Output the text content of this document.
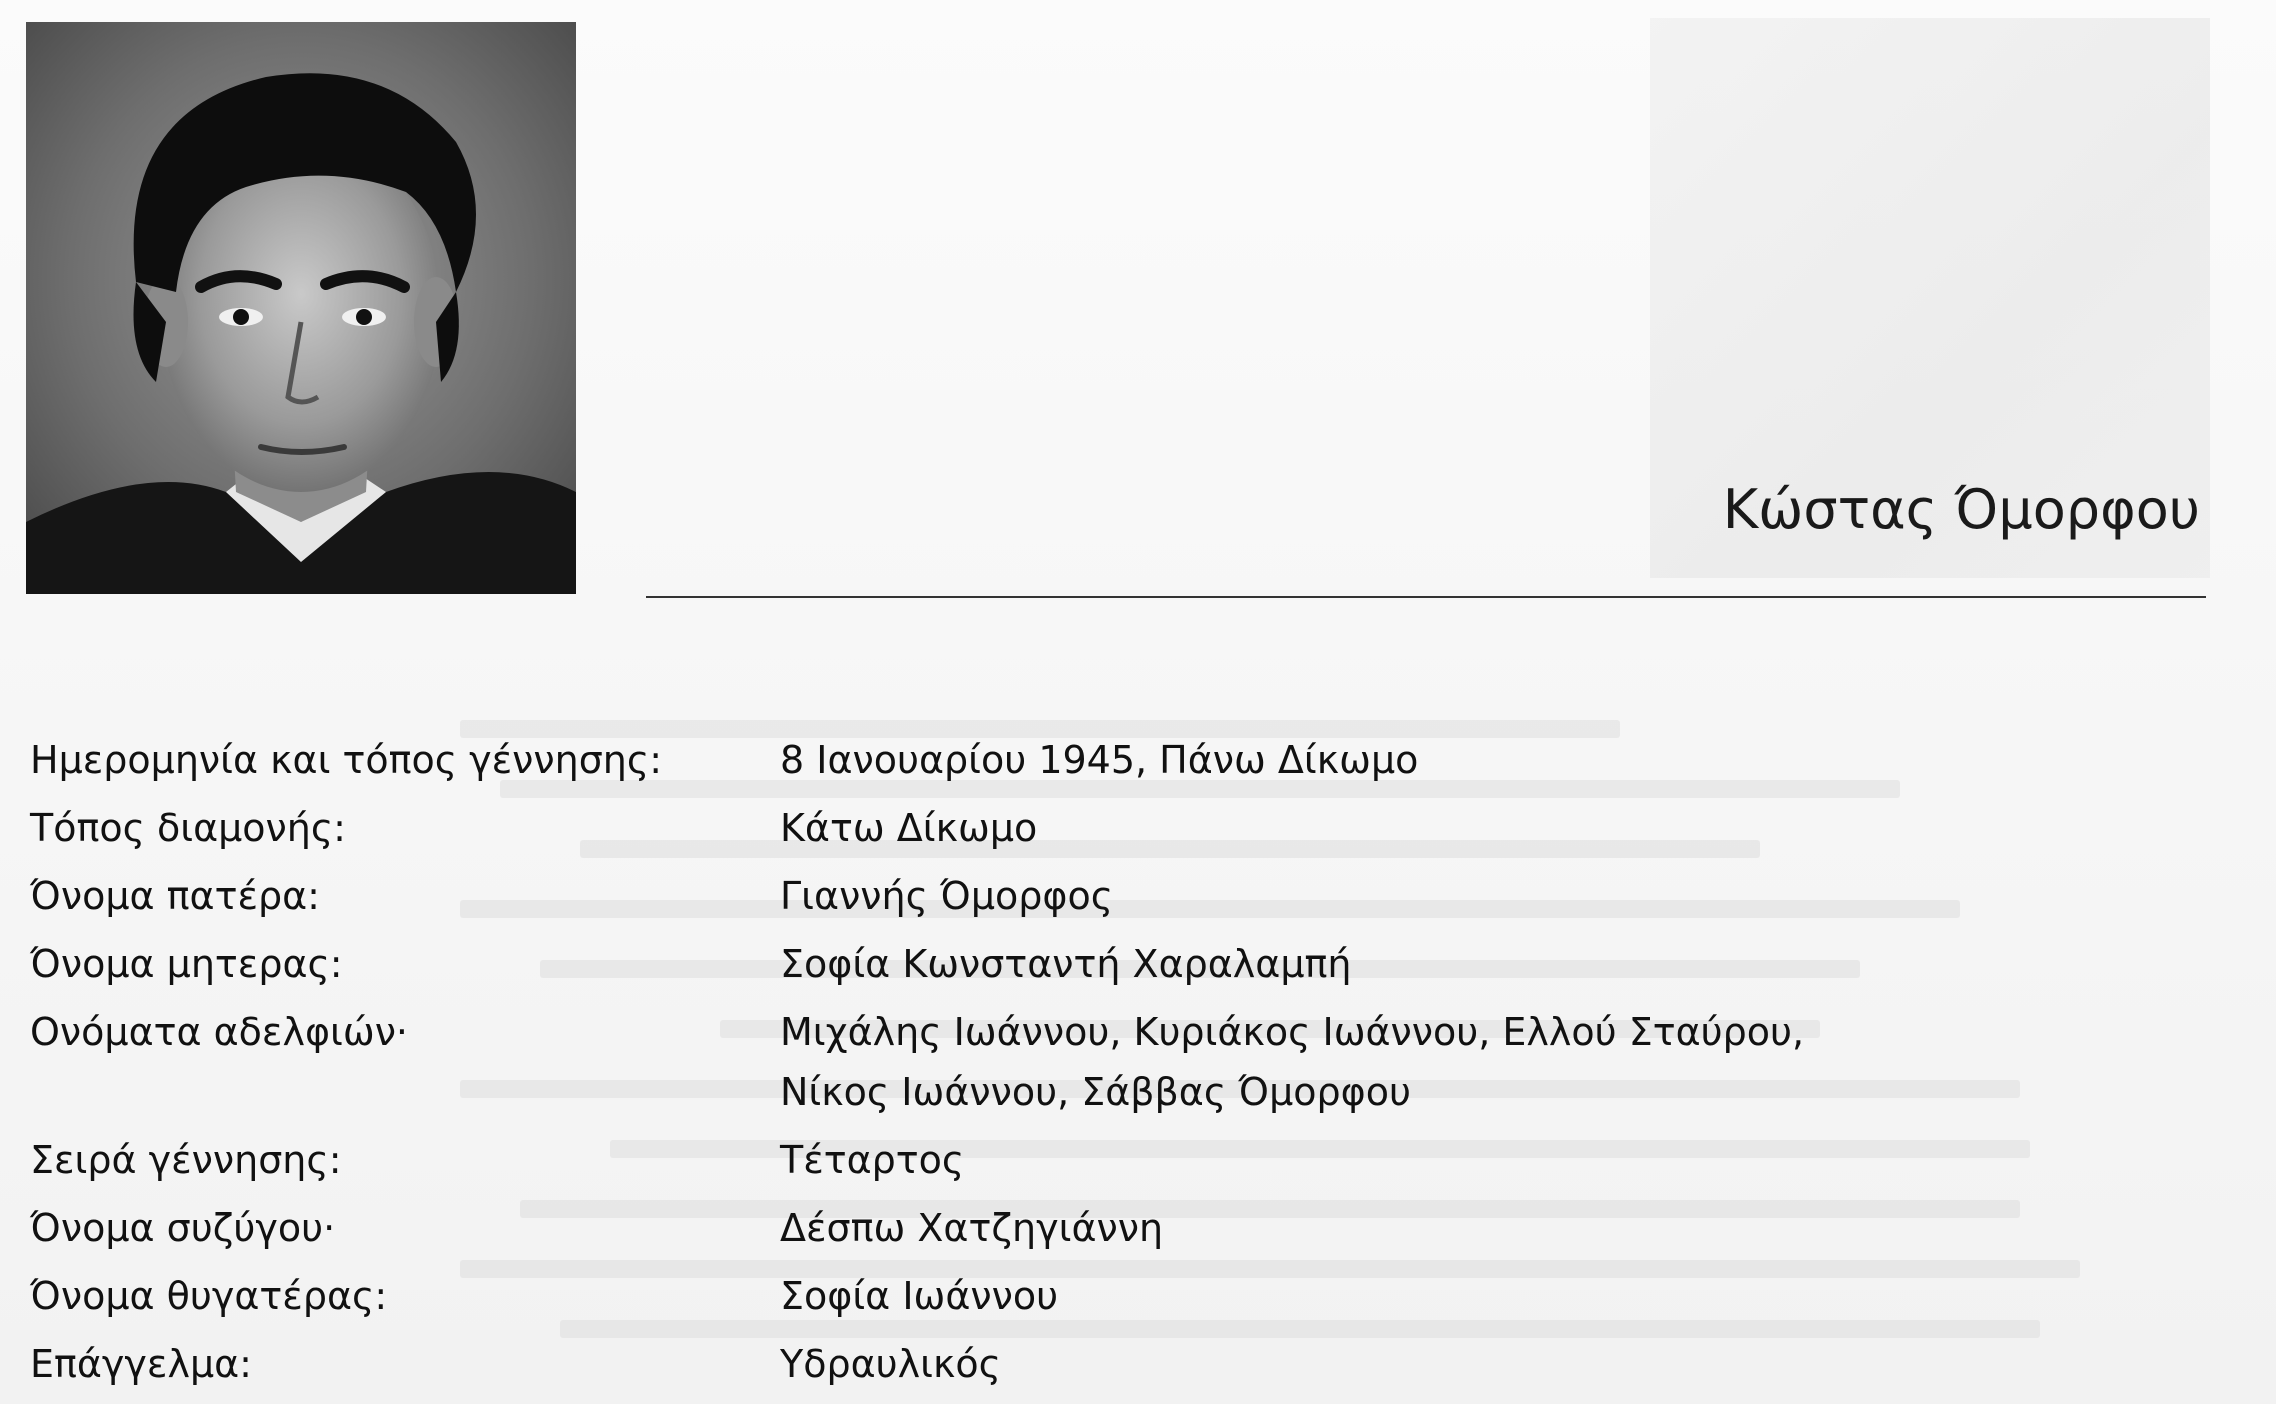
Κώστας Όμορφου
Ημερομηνία και τόπος γέννησης:	8 Ιανουαρίου 1945, Πάνω Δίκωμο
Τόπος διαμονής:	Κάτω Δίκωμο
Όνομα πατέρα:	Γιαννής Όμορφος
Όνομα μητερας:	Σοφία Κωνσταντή Χαραλαμπή
Ονόματα αδελφιών·	Μιχάλης Ιωάννου, Κυριάκος Ιωάννου, Ελλού Σταύρου,
Νίκος Ιωάννου, Σάββας Όμορφου
Σειρά γέννησης:	Τέταρτος
Όνομα συζύγου·	Δέσπω Χατζηγιάννη
Όνομα θυγατέρας:	Σοφία Ιωάννου
Επάγγελμα:	Υδραυλικός
